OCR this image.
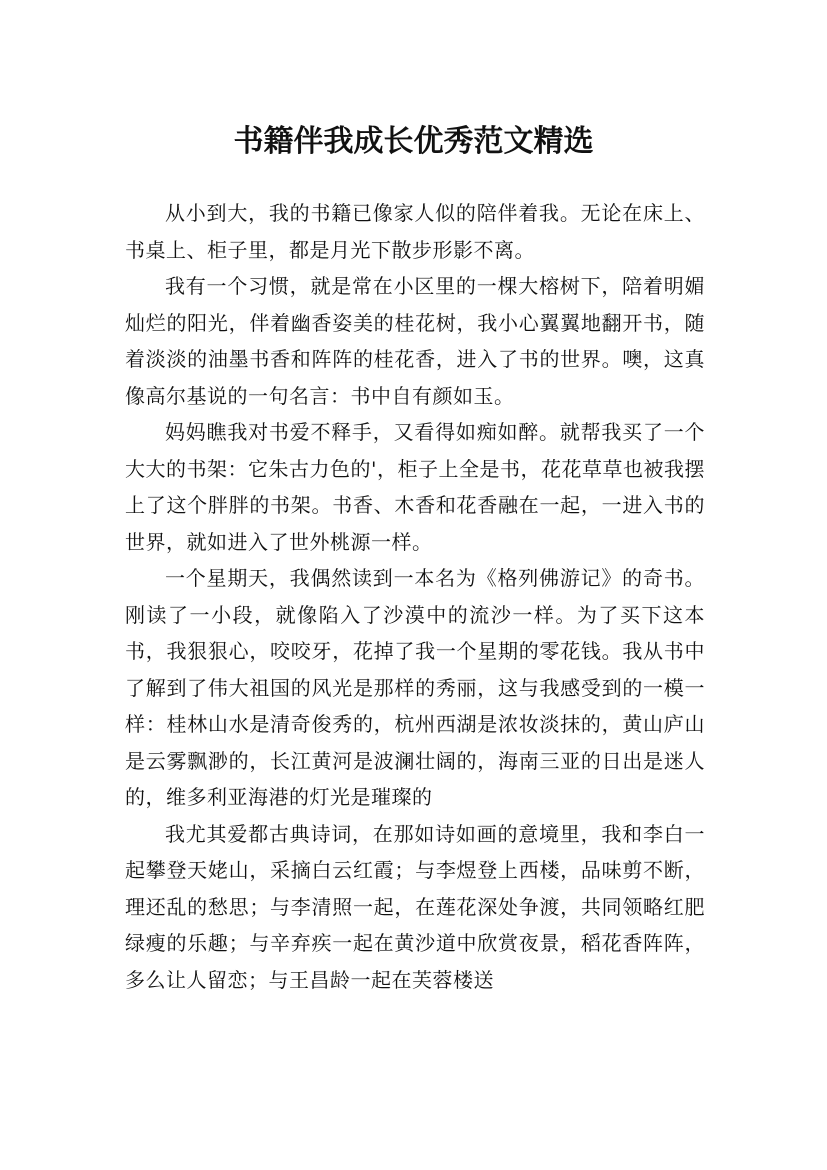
书籍伴我成长优秀范文精选

从小到大，我的书籍已像家人似的陪伴着我。无论在床上、书桌上、柜子里，都是月光下散步形影不离。

我有一个习惯，就是常在小区里的一棵大榕树下，陪着明媚灿烂的阳光，伴着幽香姿美的桂花树，我小心翼翼地翻开书，随着淡淡的油墨书香和阵阵的桂花香，进入了书的世界。噢，这真像高尔基说的一句名言：书中自有颜如玉。

妈妈瞧我对书爱不释手，又看得如痴如醉。就帮我买了一个大大的书架：它朱古力色的'，柜子上全是书，花花草草也被我摆上了这个胖胖的书架。书香、木香和花香融在一起，一进入书的世界，就如进入了世外桃源一样。

一个星期天，我偶然读到一本名为《格列佛游记》的奇书。刚读了一小段，就像陷入了沙漠中的流沙一样。为了买下这本书，我狠狠心，咬咬牙，花掉了我一个星期的零花钱。我从书中了解到了伟大祖国的风光是那样的秀丽，这与我感受到的一模一样：桂林山水是清奇俊秀的，杭州西湖是浓妆淡抹的，黄山庐山是云雾飘渺的，长江黄河是波澜壮阔的，海南三亚的日出是迷人的，维多利亚海港的灯光是璀璨的

我尤其爱都古典诗词，在那如诗如画的意境里，我和李白一起攀登天姥山，采摘白云红霞；与李煜登上西楼，品味剪不断，理还乱的愁思；与李清照一起，在莲花深处争渡，共同领略红肥绿瘦的乐趣；与辛弃疾一起在黄沙道中欣赏夜景，稻花香阵阵，多么让人留恋；与王昌龄一起在芙蓉楼送
